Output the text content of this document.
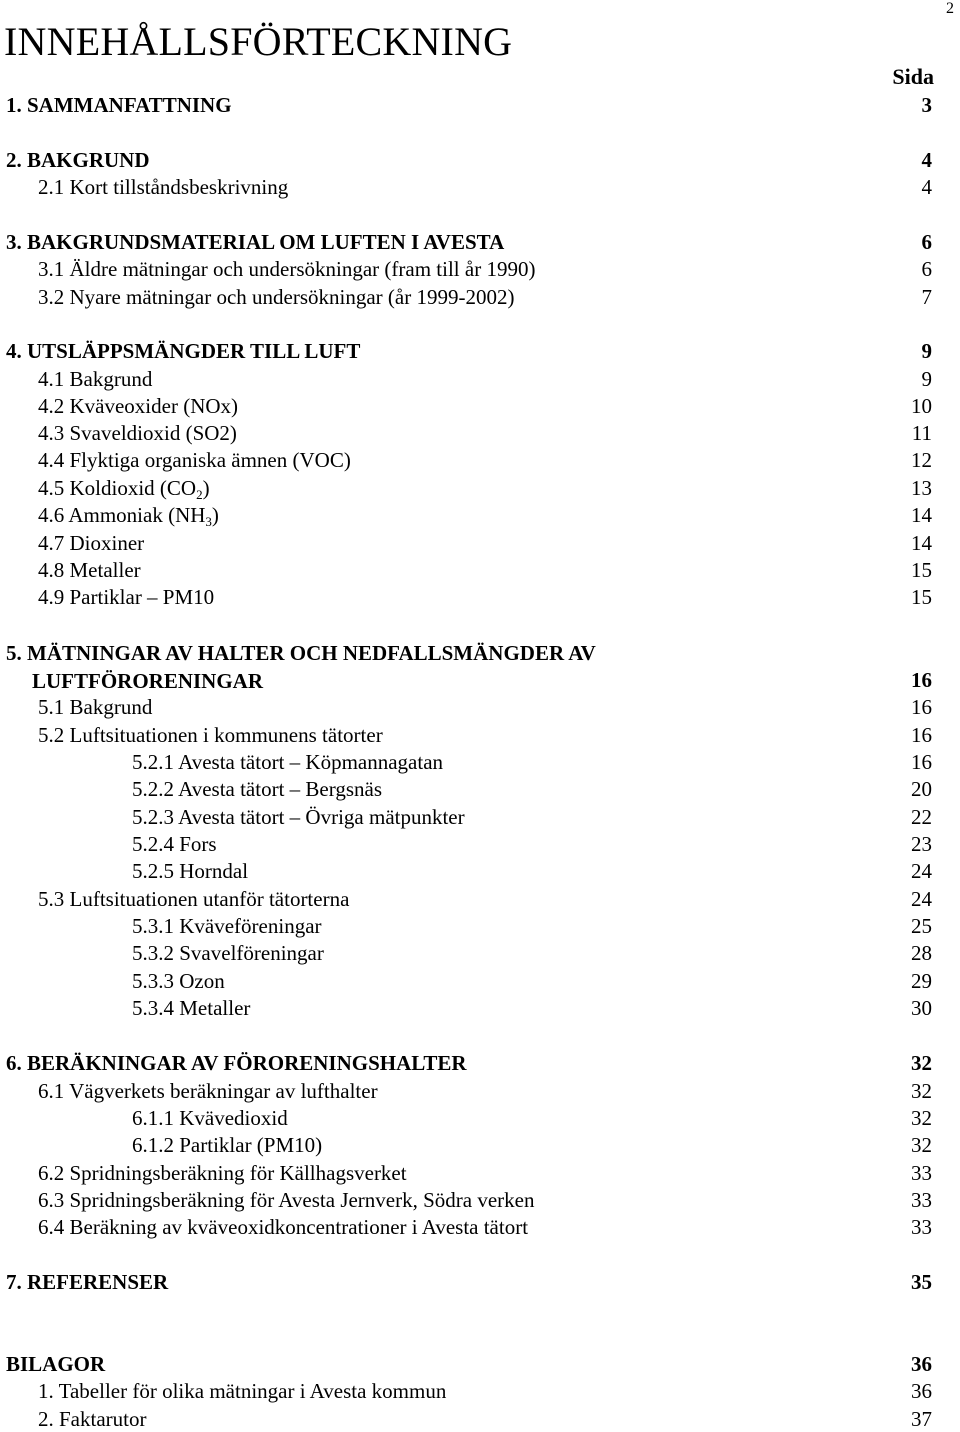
2
INNEHÅLLSFÖRTECKNING
Sida
1. SAMMANFATTNING	3
2. BAKGRUND	4
2.1 Kort tillståndsbeskrivning	4
3. BAKGRUNDSMATERIAL OM LUFTEN I AVESTA	6
3.1 Äldre mätningar och undersökningar (fram till år 1990)	6
3.2 Nyare mätningar och undersökningar (år 1999-2002)	7
4. UTSLÄPPSMÄNGDER TILL LUFT	9
4.1 Bakgrund	9
4.2 Kväveoxider (NOx)	10
4.3 Svaveldioxid (SO2)	11
4.4 Flyktiga organiska ämnen (VOC)	12
4.5 Koldioxid $(CO_2)$	13
4.6 Ammoniak $(NH_3)$	14
4.7 Dioxiner	14
4.8 Metaller	15
4.9 Partiklar – PM10	15
5. MÄTNINGAR AV HALTER OCH NEDFALLSMÄNGDER AV
LUFTFÖRORENINGAR	16
5.1 Bakgrund	16
5.2 Luftsituationen i kommunens tätorter	16
5.2.1 Avesta tätort – Köpmannagatan	16
5.2.2 Avesta tätort – Bergsnäs	20
5.2.3 Avesta tätort – Övriga mätpunkter	22
5.2.4 Fors	23
5.2.5 Horndal	24
5.3 Luftsituationen utanför tätorterna	24
5.3.1 Kväveföreningar	25
5.3.2 Svavelföreningar	28
5.3.3 Ozon	29
5.3.4 Metaller	30
6. BERÄKNINGAR AV FÖRORENINGSHALTER	32
6.1 Vägverkets beräkningar av lufthalter	32
6.1.1 Kvävedioxid	32
6.1.2 Partiklar (PM10)	32
6.2 Spridningsberäkning för Källhagsverket	33
6.3 Spridningsberäkning för Avesta Jernverk, Södra verken	33
6.4 Beräkning av kväveoxidkoncentrationer i Avesta tätort	33
7. REFERENSER	35
BILAGOR	36
1. Tabeller för olika mätningar i Avesta kommun	36
2. Faktarutor	37
